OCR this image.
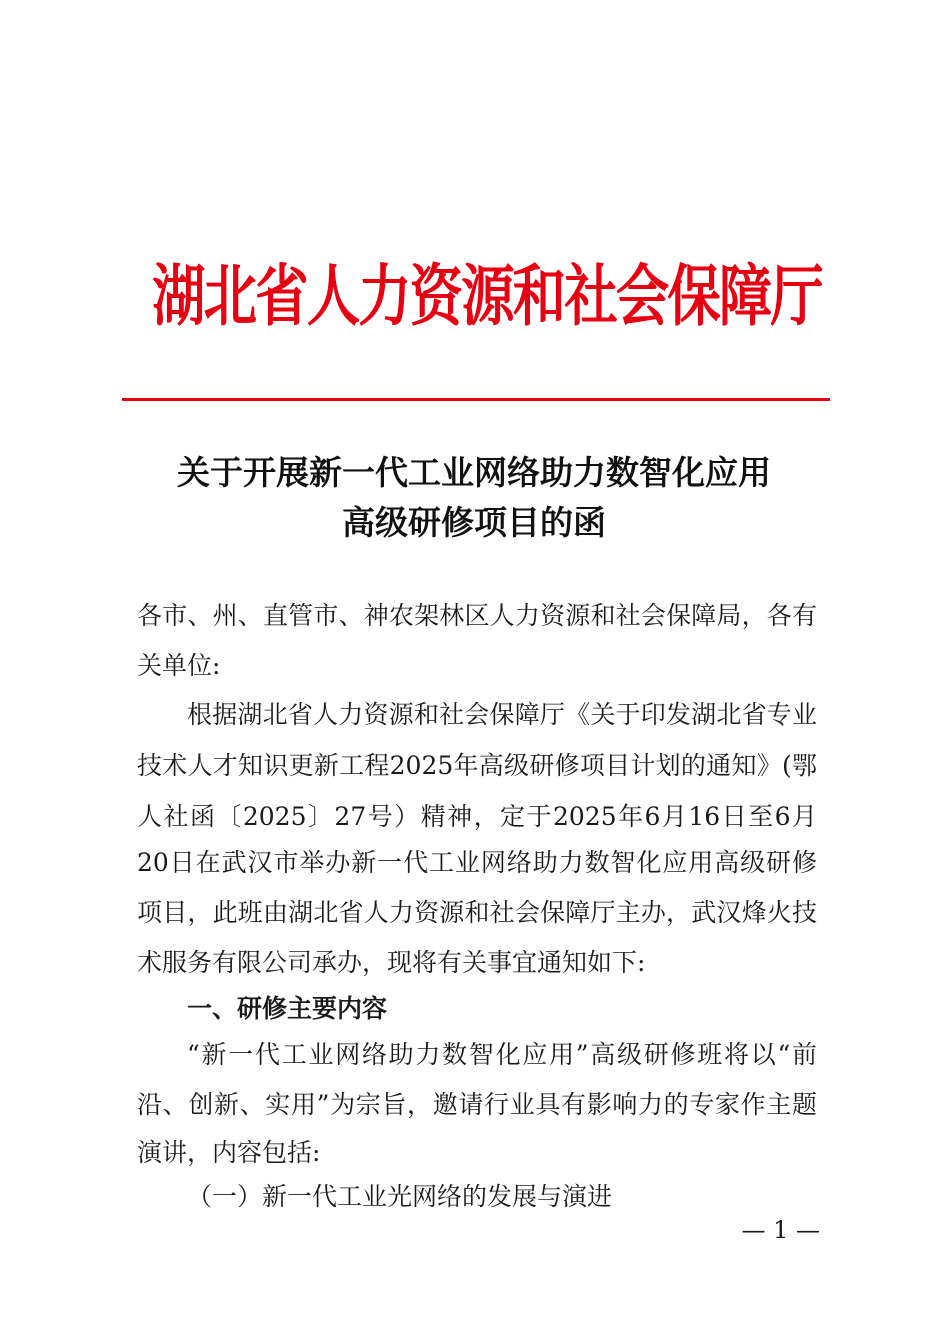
湖北省人力资源和社会保障厅
关于开展新一代工业网络助力数智化应用
高级研修项目的函
各市、州、直管市、神农架林区人力资源和社会保障局，各有
关单位:
根据湖北省人力资源和社会保障厅《关于印发湖北省专业
技术人才知识更新工程2025年高级研修项目计划的通知》(鄂
人社函〔2025〕27号）精神，定于2025年6月16日至6月
20日在武汉市举办新一代工业网络助力数智化应用高级研修
项目，此班由湖北省人力资源和社会保障厅主办，武汉烽火技
术服务有限公司承办，现将有关事宜通知如下:
一、研修主要内容
“新一代工业网络助力数智化应用”高级研修班将以“前
沿、创新、实用”为宗旨，邀请行业具有影响力的专家作主题
演讲，内容包括:
（一）新一代工业光网络的发展与演进
— 1 —
